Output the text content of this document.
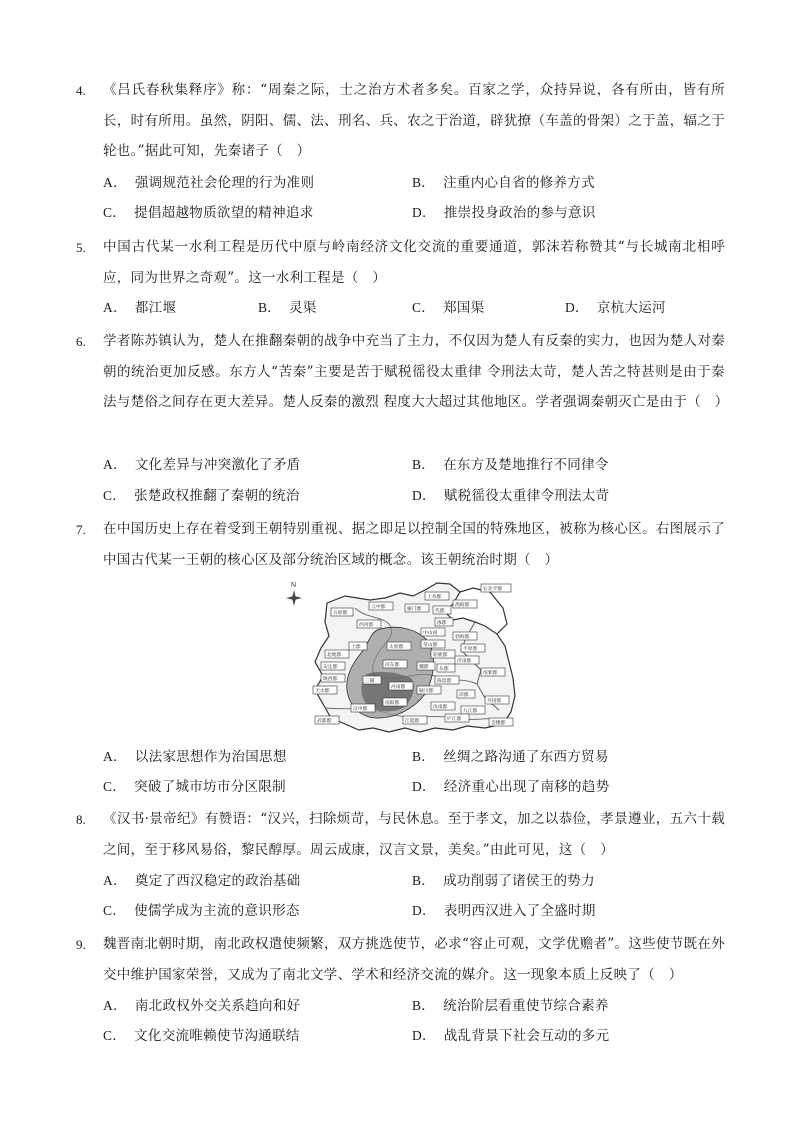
4. 《吕氏春秋集释序》称：“周秦之际，士之治方术者多矣。百家之学，众持异说，各有所由，皆有所长，时有所用。虽然，阴阳、儒、法、刑名、兵、农之于治道，辟犹撩（车盖的骨架）之于盖，辐之于轮也。”据此可知，先秦诸子（　）
A． 强调规范社会伦理的行为准则	B． 注重内心自省的修养方式
C． 提倡超越物质欲望的精神追求	D． 推崇投身政治的参与意识
5. 中国古代某一水利工程是历代中原与岭南经济文化交流的重要通道，郭沫若称赞其“与长城南北相呼应，同为世界之奇观”。这一水利工程是（　）
A． 都江堰	B． 灵渠	C． 郑国渠	D． 京杭大运河
6. 学者陈苏镇认为，楚人在推翻秦朝的战争中充当了主力，不仅因为楚人有反秦的实力，也因为楚人对秦朝的统治更加反感。东方人“苦秦”主要是苦于赋税徭役太重律 令刑法太苛，楚人苦之特甚则是由于秦法与楚俗之间存在更大差异。楚人反秦的激烈 程度大大超过其他地区。学者强调秦朝灭亡是由于（　）
A． 文化差异与冲突激化了矛盾	B． 在东方及楚地推行不同律令
C． 张楚政权推翻了秦朝的统治	D． 赋税徭役太重律令刑法太苛
7. 在中国历史上存在着受到王朝特别重视、据之即足以控制全国的特殊地区，被称为核心区。右图展示了中国古代某一王朝的核心区及部分统治区域的概念。该王朝统治时期（　）
N
五原郡
右北平郡
上谷郡
渔阳郡
云中郡	雁门郡	代郡
西河郡
上郡	太原郡
中山国
涿郡
勃海郡
常山郡
钜鹿郡
平原郡
安定郡
北地郡
河东郡	魏郡 东郡
济南郡
琅邪郡
陈留郡
三辅
河南郡
颍川郡
汝南郡
南阳郡
江夏郡
九江郡
庐江郡
会稽郡
丹扬郡
沛郡
汉中郡
武都郡
天水郡
陇西郡
A． 以法家思想作为治国思想	B． 丝绸之路沟通了东西方贸易
C． 突破了城市坊市分区限制	D． 经济重心出现了南移的趋势
8. 《汉书·景帝纪》有赞语：“汉兴，扫除烦苛，与民休息。至于孝文，加之以恭俭，孝景遵业，五六十载之间，至于移风易俗，黎民醇厚。周云成康，汉言文景，美矣。”由此可见，这（　）
A． 奠定了西汉稳定的政治基础	B． 成功削弱了诸侯王的势力
C． 使儒学成为主流的意识形态	D． 表明西汉进入了全盛时期
9. 魏晋南北朝时期，南北政权遣使频繁，双方挑选使节，必求“容止可观，文学优赡者”。这些使节既在外交中维护国家荣誉，又成为了南北文学、学术和经济交流的媒介。这一现象本质上反映了（　）
A． 南北政权外交关系趋向和好	B． 统治阶层看重使节综合素养
C． 文化交流唯赖使节沟通联结	D． 战乱背景下社会互动的多元
